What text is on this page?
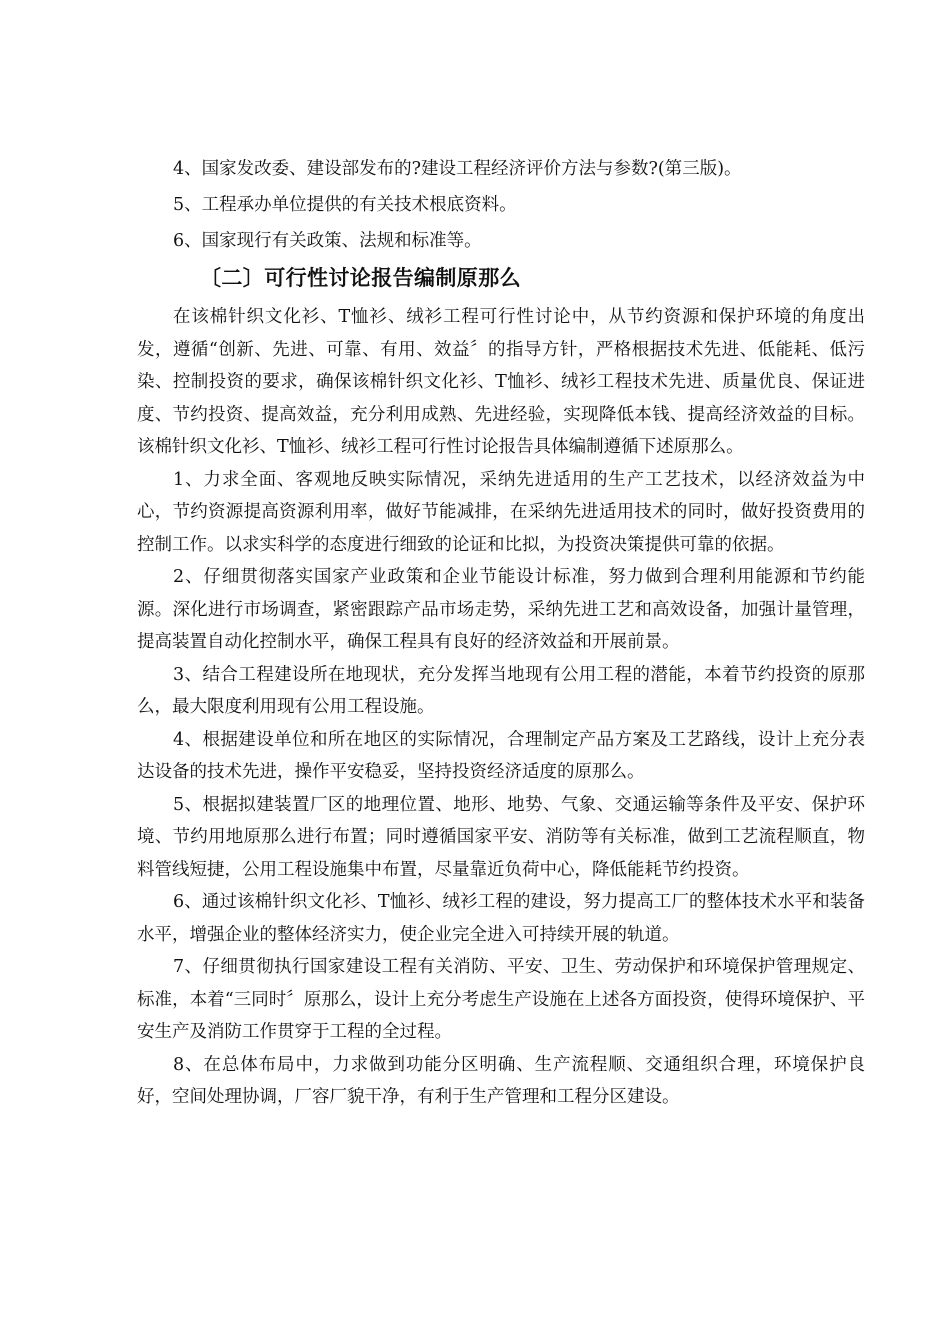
4、国家发改委、建设部发布的?建设工程经济评价方法与参数?(第三版)。

5、工程承办单位提供的有关技术根底资料。

6、国家现行有关政策、法规和标准等。

〔二〕可行性讨论报告编制原那么

在该棉针织文化衫、T恤衫、绒衫工程可行性讨论中，从节约资源和保护环境的角度出发，遵循“创新、先进、可靠、有用、效益〞的指导方针，严格根据技术先进、低能耗、低污染、控制投资的要求，确保该棉针织文化衫、T恤衫、绒衫工程技术先进、质量优良、保证进度、节约投资、提高效益，充分利用成熟、先进经验，实现降低本钱、提高经济效益的目标。该棉针织文化衫、T恤衫、绒衫工程可行性讨论报告具体编制遵循下述原那么。

1、力求全面、客观地反映实际情况，采纳先进适用的生产工艺技术，以经济效益为中心，节约资源提高资源利用率，做好节能减排，在采纳先进适用技术的同时，做好投资费用的控制工作。以求实科学的态度进行细致的论证和比拟，为投资决策提供可靠的依据。

2、仔细贯彻落实国家产业政策和企业节能设计标准，努力做到合理利用能源和节约能源。深化进行市场调查，紧密跟踪产品市场走势，采纳先进工艺和高效设备，加强计量管理，提高装置自动化控制水平，确保工程具有良好的经济效益和开展前景。

3、结合工程建设所在地现状，充分发挥当地现有公用工程的潜能，本着节约投资的原那么，最大限度利用现有公用工程设施。

4、根据建设单位和所在地区的实际情况，合理制定产品方案及工艺路线，设计上充分表达设备的技术先进，操作平安稳妥，坚持投资经济适度的原那么。

5、根据拟建装置厂区的地理位置、地形、地势、气象、交通运输等条件及平安、保护环境、节约用地原那么进行布置；同时遵循国家平安、消防等有关标准，做到工艺流程顺直，物料管线短捷，公用工程设施集中布置，尽量靠近负荷中心，降低能耗节约投资。

6、通过该棉针织文化衫、T恤衫、绒衫工程的建设，努力提高工厂的整体技术水平和装备水平，增强企业的整体经济实力，使企业完全进入可持续开展的轨道。

7、仔细贯彻执行国家建设工程有关消防、平安、卫生、劳动保护和环境保护管理规定、标准，本着“三同时〞原那么，设计上充分考虑生产设施在上述各方面投资，使得环境保护、平安生产及消防工作贯穿于工程的全过程。

8、在总体布局中，力求做到功能分区明确、生产流程顺、交通组织合理，环境保护良好，空间处理协调，厂容厂貌干净，有利于生产管理和工程分区建设。
